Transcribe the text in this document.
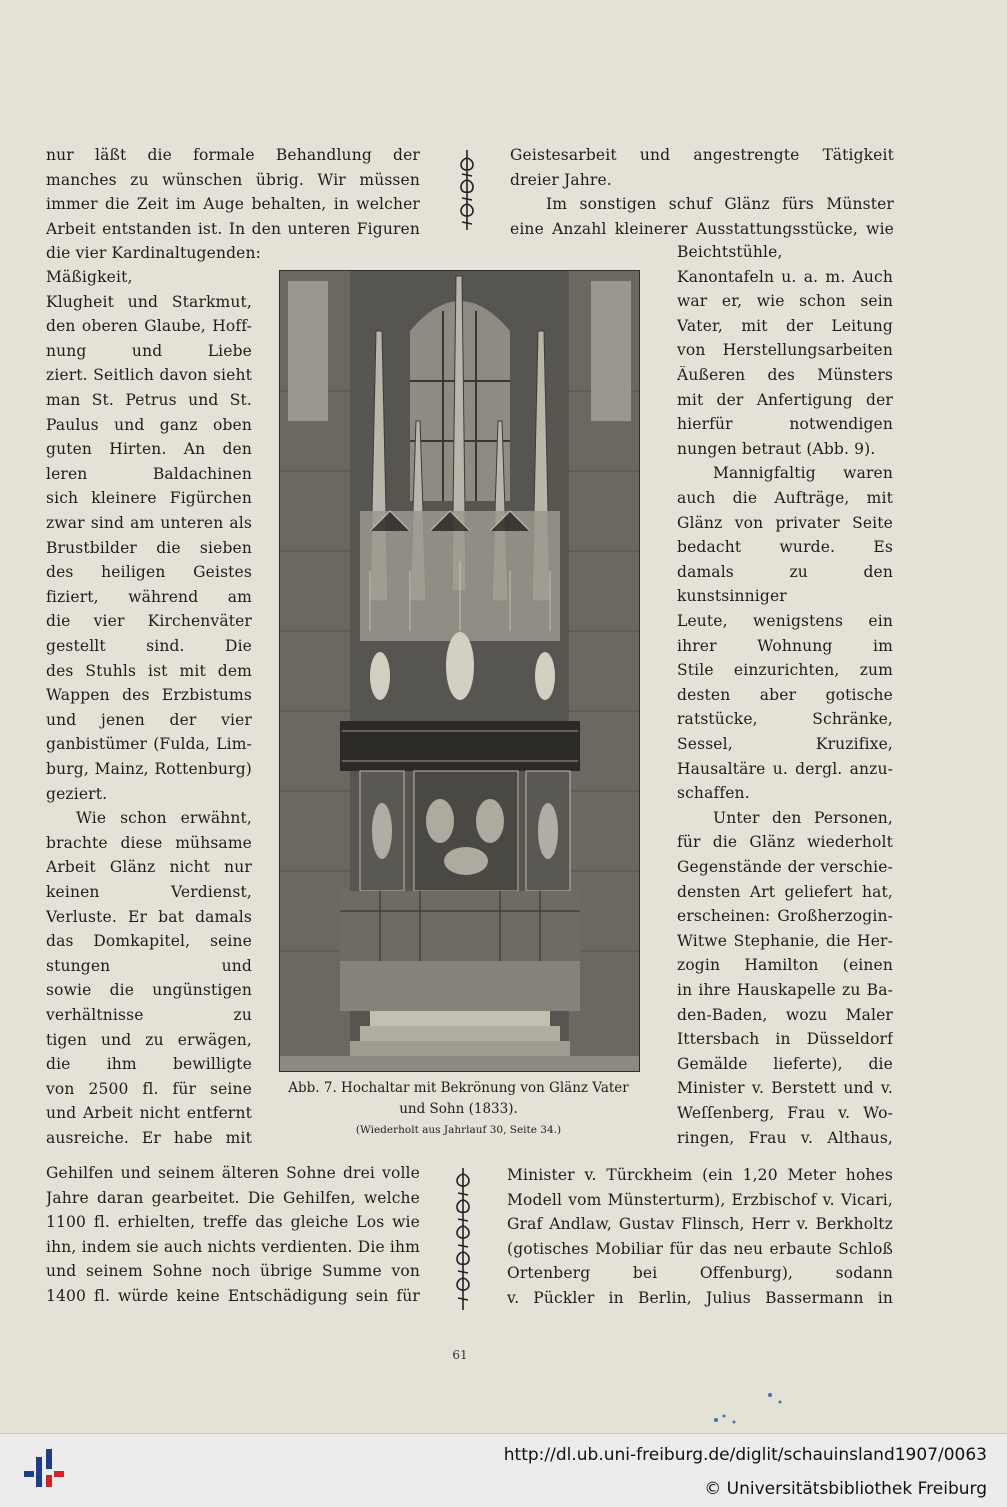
nur läßt die formale Behandlung der
manches zu wünschen übrig. Wir müssen
immer die Zeit im Auge behalten, in welcher
Arbeit entstanden ist. In den unteren Figuren
die vier Kardinaltugenden:
Mäßigkeit,
Klugheit und Starkmut,
den oberen Glaube, Hoff-
nung und Liebe
ziert. Seitlich davon sieht
man St. Petrus und St.
Paulus und ganz oben
guten Hirten. An den
leren Baldachinen
sich kleinere Figürchen
zwar sind am unteren als
Brustbilder die sieben
des heiligen Geistes
fiziert, während am
die vier Kirchenväter
gestellt sind. Die
des Stuhls ist mit dem
Wappen des Erzbistums
und jenen der vier
ganbistümer (Fulda, Lim-
burg, Mainz, Rottenburg)
geziert.
Wie schon erwähnt,
brachte diese mühsame
Arbeit Glänz nicht nur
keinen Verdienst,
Verluste. Er bat damals
das Domkapitel, seine
stungen und
sowie die ungünstigen
verhältnisse zu
tigen und zu erwägen,
die ihm bewilligte
von 2500 fl. für seine
und Arbeit nicht entfernt
ausreiche. Er habe mit
Gehilfen und seinem älteren Sohne drei volle
Jahre daran gearbeitet. Die Gehilfen, welche
1100 fl. erhielten, treffe das gleiche Los wie
ihn, indem sie auch nichts verdienten. Die ihm
und seinem Sohne noch übrige Summe von
1400 fl. würde keine Entschädigung sein für
Geistesarbeit und angestrengte Tätigkeit
dreier Jahre.
Im sonstigen schuf Glänz fürs Münster
eine Anzahl kleinerer Ausstattungsstücke, wie
Beichtstühle,
Kanontafeln u. a. m. Auch
war er, wie schon sein
Vater, mit der Leitung
von Herstellungsarbeiten
Äußeren des Münsters
mit der Anfertigung der
hierfür notwendigen
nungen betraut (Abb. 9).
Mannigfaltig waren
auch die Aufträge, mit
Glänz von privater Seite
bedacht wurde. Es
damals zu den
kunstsinniger
Leute, wenigstens ein
ihrer Wohnung im
Stile einzurichten, zum
desten aber gotische
ratstücke, Schränke,
Sessel, Kruzifixe,
Hausaltäre u. dergl. anzu-
schaffen.
Unter den Personen,
für die Glänz wiederholt
Gegenstände der verschie-
densten Art geliefert hat,
erscheinen: Großherzogin-
Witwe Stephanie, die Her-
zogin Hamilton (einen
in ihre Hauskapelle zu Ba-
den-Baden, wozu Maler
Ittersbach in Düsseldorf
Gemälde lieferte), die
Minister v. Berstett und v.
Weſſenberg, Frau v. Wo-
ringen, Frau v. Althaus,
Minister v. Türckheim (ein 1,20 Meter hohes
Modell vom Münsterturm), Erzbischof v. Vicari,
Graf Andlaw, Gustav Flinsch, Herr v. Berkholtz
(gotisches Mobiliar für das neu erbaute Schloß
Ortenberg bei Offenburg), sodann
v. Pückler in Berlin, Julius Bassermann in
Abb. 7. Hochaltar mit Bekrönung von Glänz Vater
und Sohn (1833).
(Wiederholt aus Jahrlauf 30, Seite 34.)
61
http://dl.ub.uni-freiburg.de/diglit/schauinsland1907/0063
© Universitätsbibliothek Freiburg
